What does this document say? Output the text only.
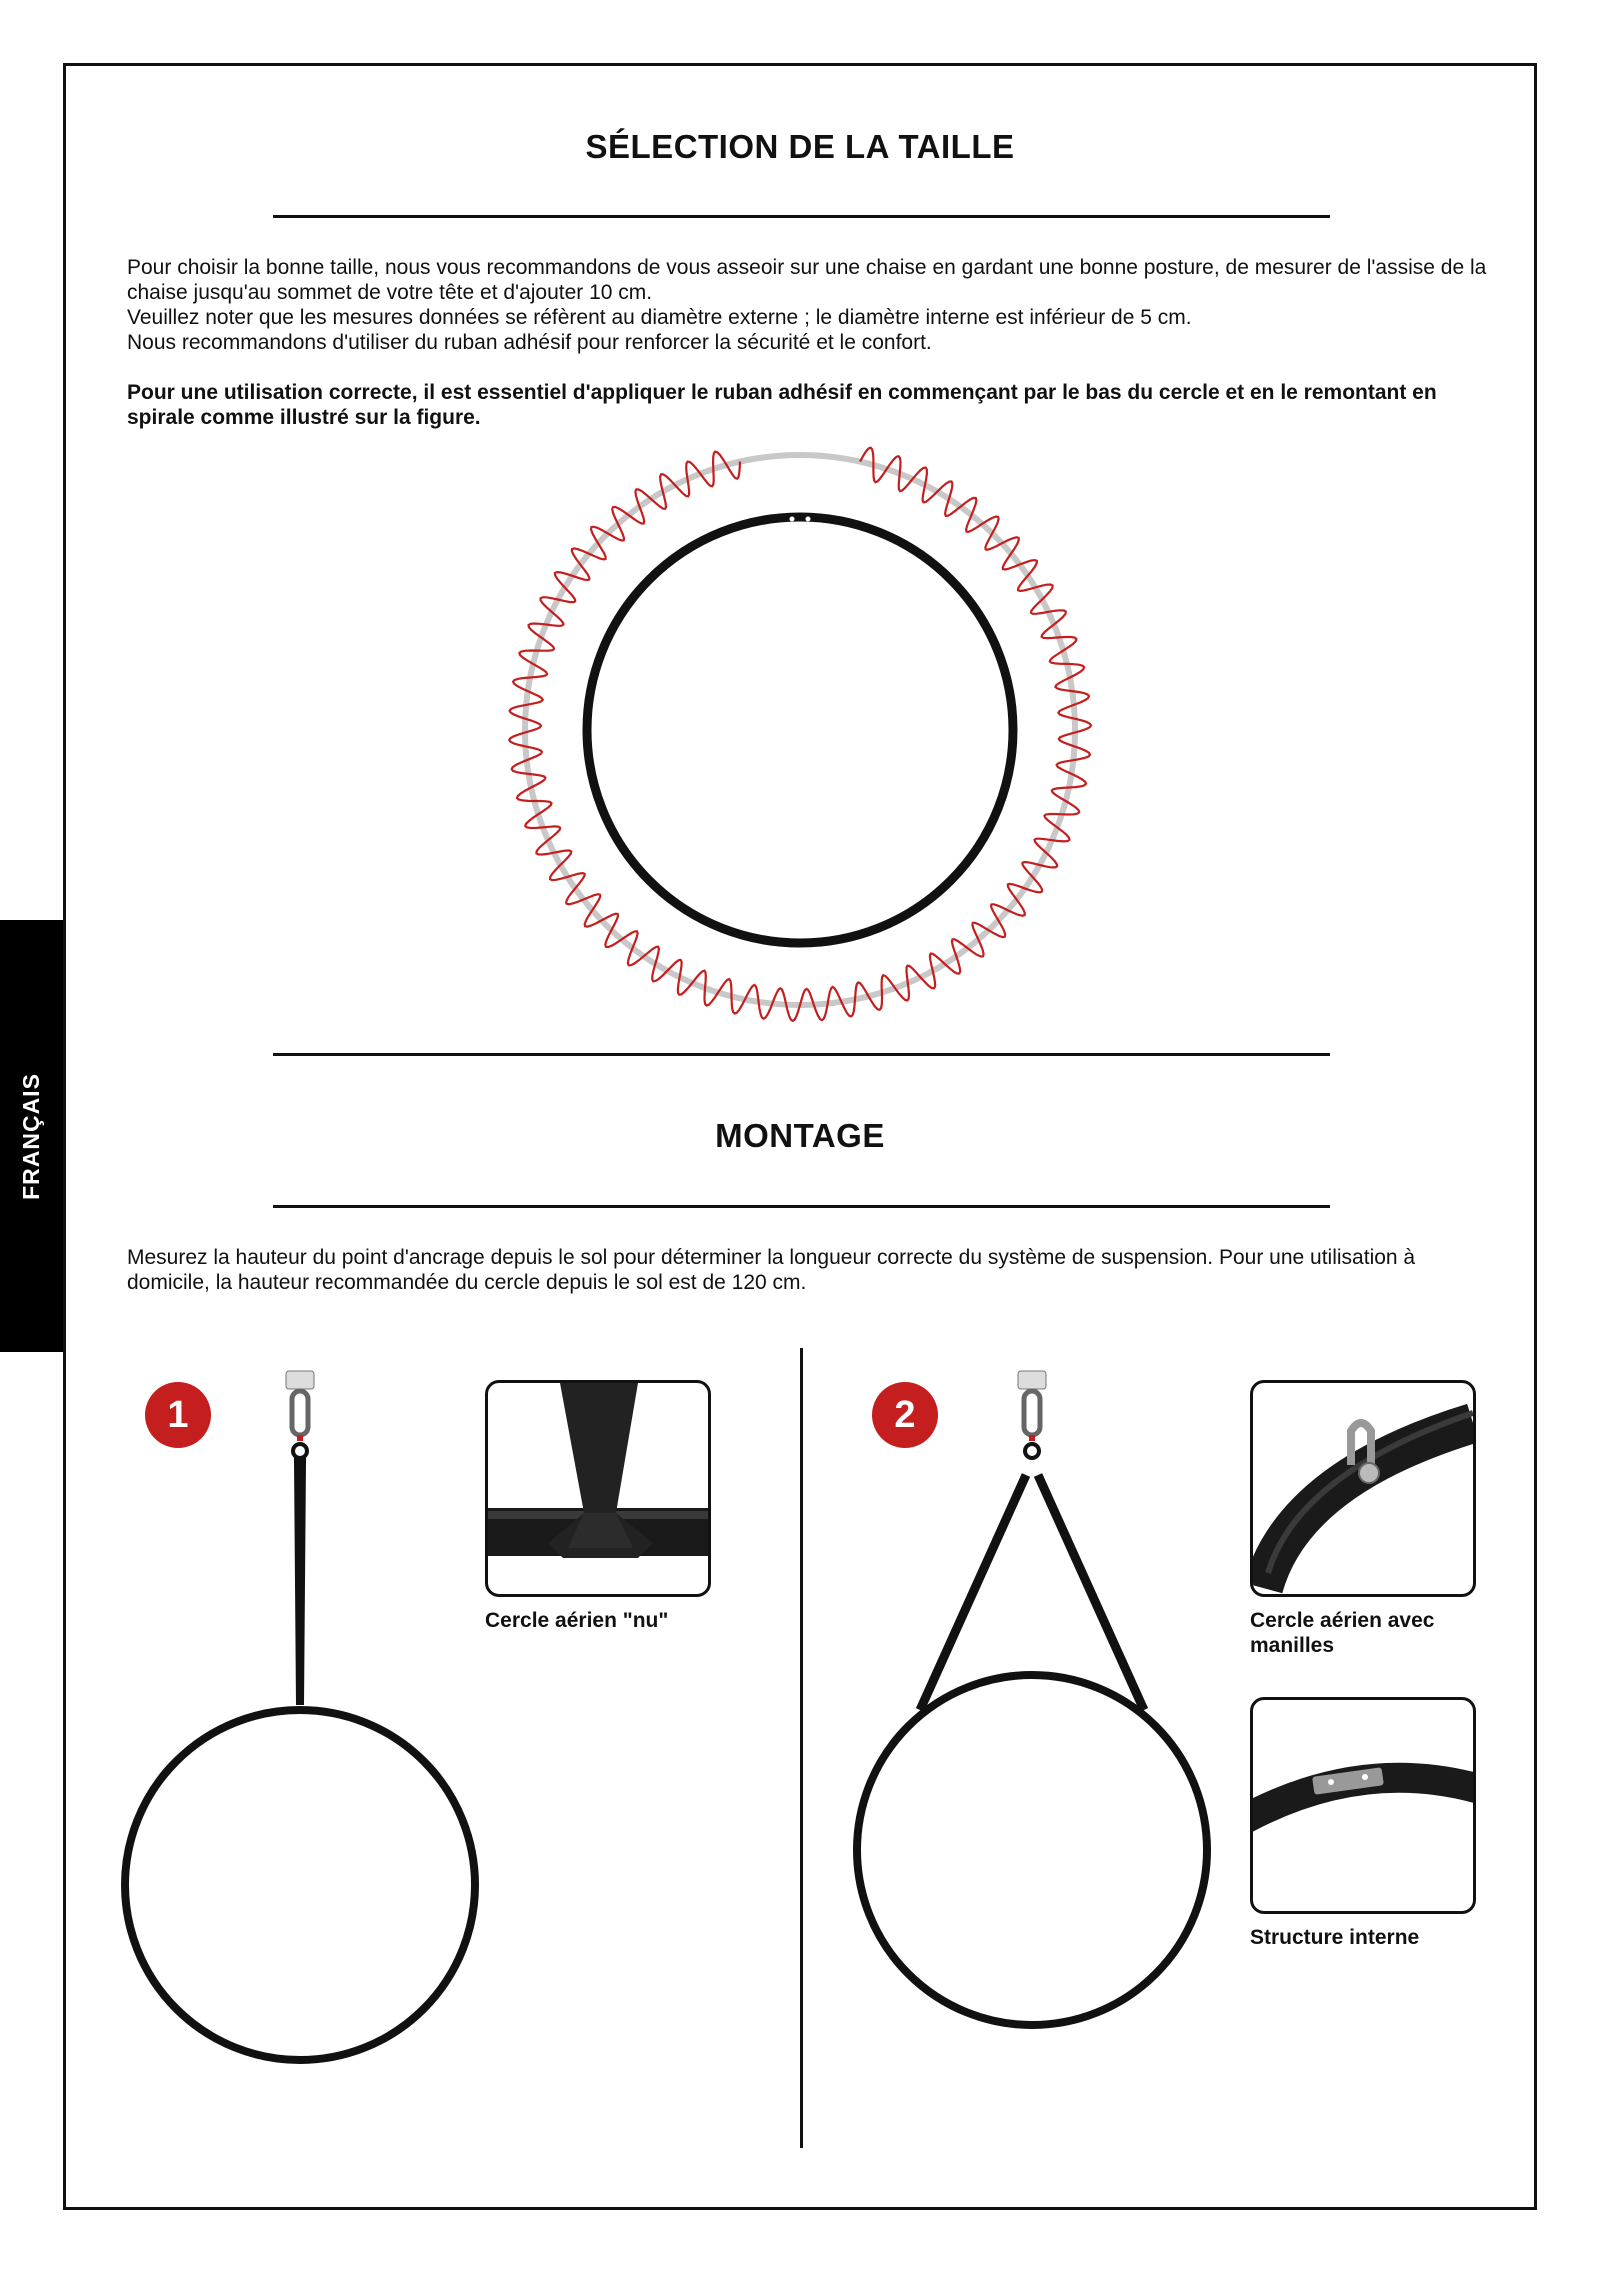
FRANÇAIS
SÉLECTION DE LA TAILLE

Pour choisir la bonne taille, nous vous recommandons de vous asseoir sur une chaise en gardant une bonne posture, de mesurer de l'assise de la chaise jusqu'au sommet de votre tête et d'ajouter 10 cm.

Veuillez noter que les mesures données se réfèrent au diamètre externe ; le diamètre interne est inférieur de 5 cm.

Nous recommandons d'utiliser du ruban adhésif pour renforcer la sécurité et le confort.

Pour une utilisation correcte, il est essentiel d'appliquer le ruban adhésif en commençant par le bas du cercle et en le remontant en spirale comme illustré sur la figure.
MONTAGE
Mesurez la hauteur du point d'ancrage depuis le sol pour déterminer la longueur correcte du système de suspension. Pour une utilisation à domicile, la hauteur recommandée du cercle depuis le sol est de 120 cm.
1
Cercle aérien "nu"
2
Cercle aérien avec manilles
Structure interne
